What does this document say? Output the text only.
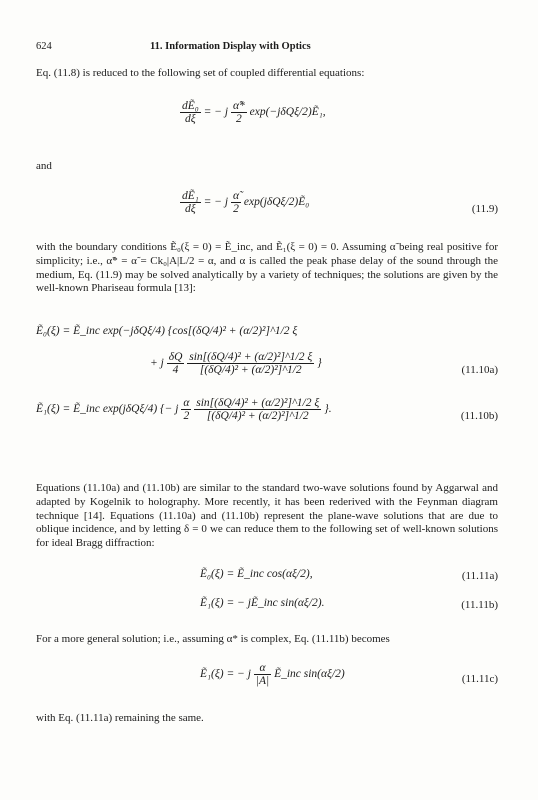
624	11. Information Display with Optics
Eq. (11.8) is reduced to the following set of coupled differential equations:
$\frac{\text{dẼ₀}}{d\xi}$ = − j $\frac{\alphã*}{2}$ exp(−jδQξ/2)Ẽ₁,
and
$\frac{\text{dẼ₁}}{d\xi}$ = − j $\frac{\alphã}{2}$ exp(jδQξ/2)Ẽ₀
(11.9)
with the boundary conditions Ẽ₀(ξ = 0) = Ẽ_inc, and Ẽ₁(ξ = 0) = 0. Assuming α̃ being real positive for simplicity; i.e., α̃* = α̃ = Ck₀|A|L/2 = α, and α is called the peak phase delay of the sound through the medium, Eq. (11.9) may be solved analytically by a variety of techniques; the solutions are given by the well-known Phariseau formula [13]:
Ẽ₀(ξ) = Ẽ_inc exp(−jδQξ/4) {cos[(δQ/4)² + (α/2)²]^1/2 ξ
+ j $\frac{\delta Q}{4}$
$\frac{\text{sin[(δQ/4)² + (α/2)²]\textasciicircum{}1/2 ξ}}{\text{[(δQ/4)² + (α/2)²]\textasciicircum{}1/2}}$ }
(11.10a)
Ẽ₁(ξ) = Ẽ_inc exp(jδQξ/4) {− j $\frac{\alpha}{2}$
$\frac{\text{sin[(δQ/4)² + (α/2)²]\textasciicircum{}1/2 ξ}}{\text{[(δQ/4)² + (α/2)²]\textasciicircum{}1/2}}$ }.
(11.10b)
Equations (11.10a) and (11.10b) are similar to the standard two-wave solutions found by Aggarwal and adapted by Kogelnik to holography. More recently, it has been rederived with the Feynman diagram technique [14]. Equations (11.10a) and (11.10b) represent the plane-wave solutions that are due to oblique incidence, and by letting δ = 0 we can reduce them to the following set of well-known solutions for ideal Bragg diffraction:
Ẽ₀(ξ) = Ẽ_inc cos(αξ/2),	(11.11a)
Ẽ₁(ξ) = − jẼ_inc sin(αξ/2).	(11.11b)
For a more general solution; i.e., assuming α* is complex, Eq. (11.11b) becomes
Ẽ₁(ξ) = − j $\frac{\alpha}{|A|}$ Ẽ_inc sin(αξ/2)	(11.11c)
with Eq. (11.11a) remaining the same.
